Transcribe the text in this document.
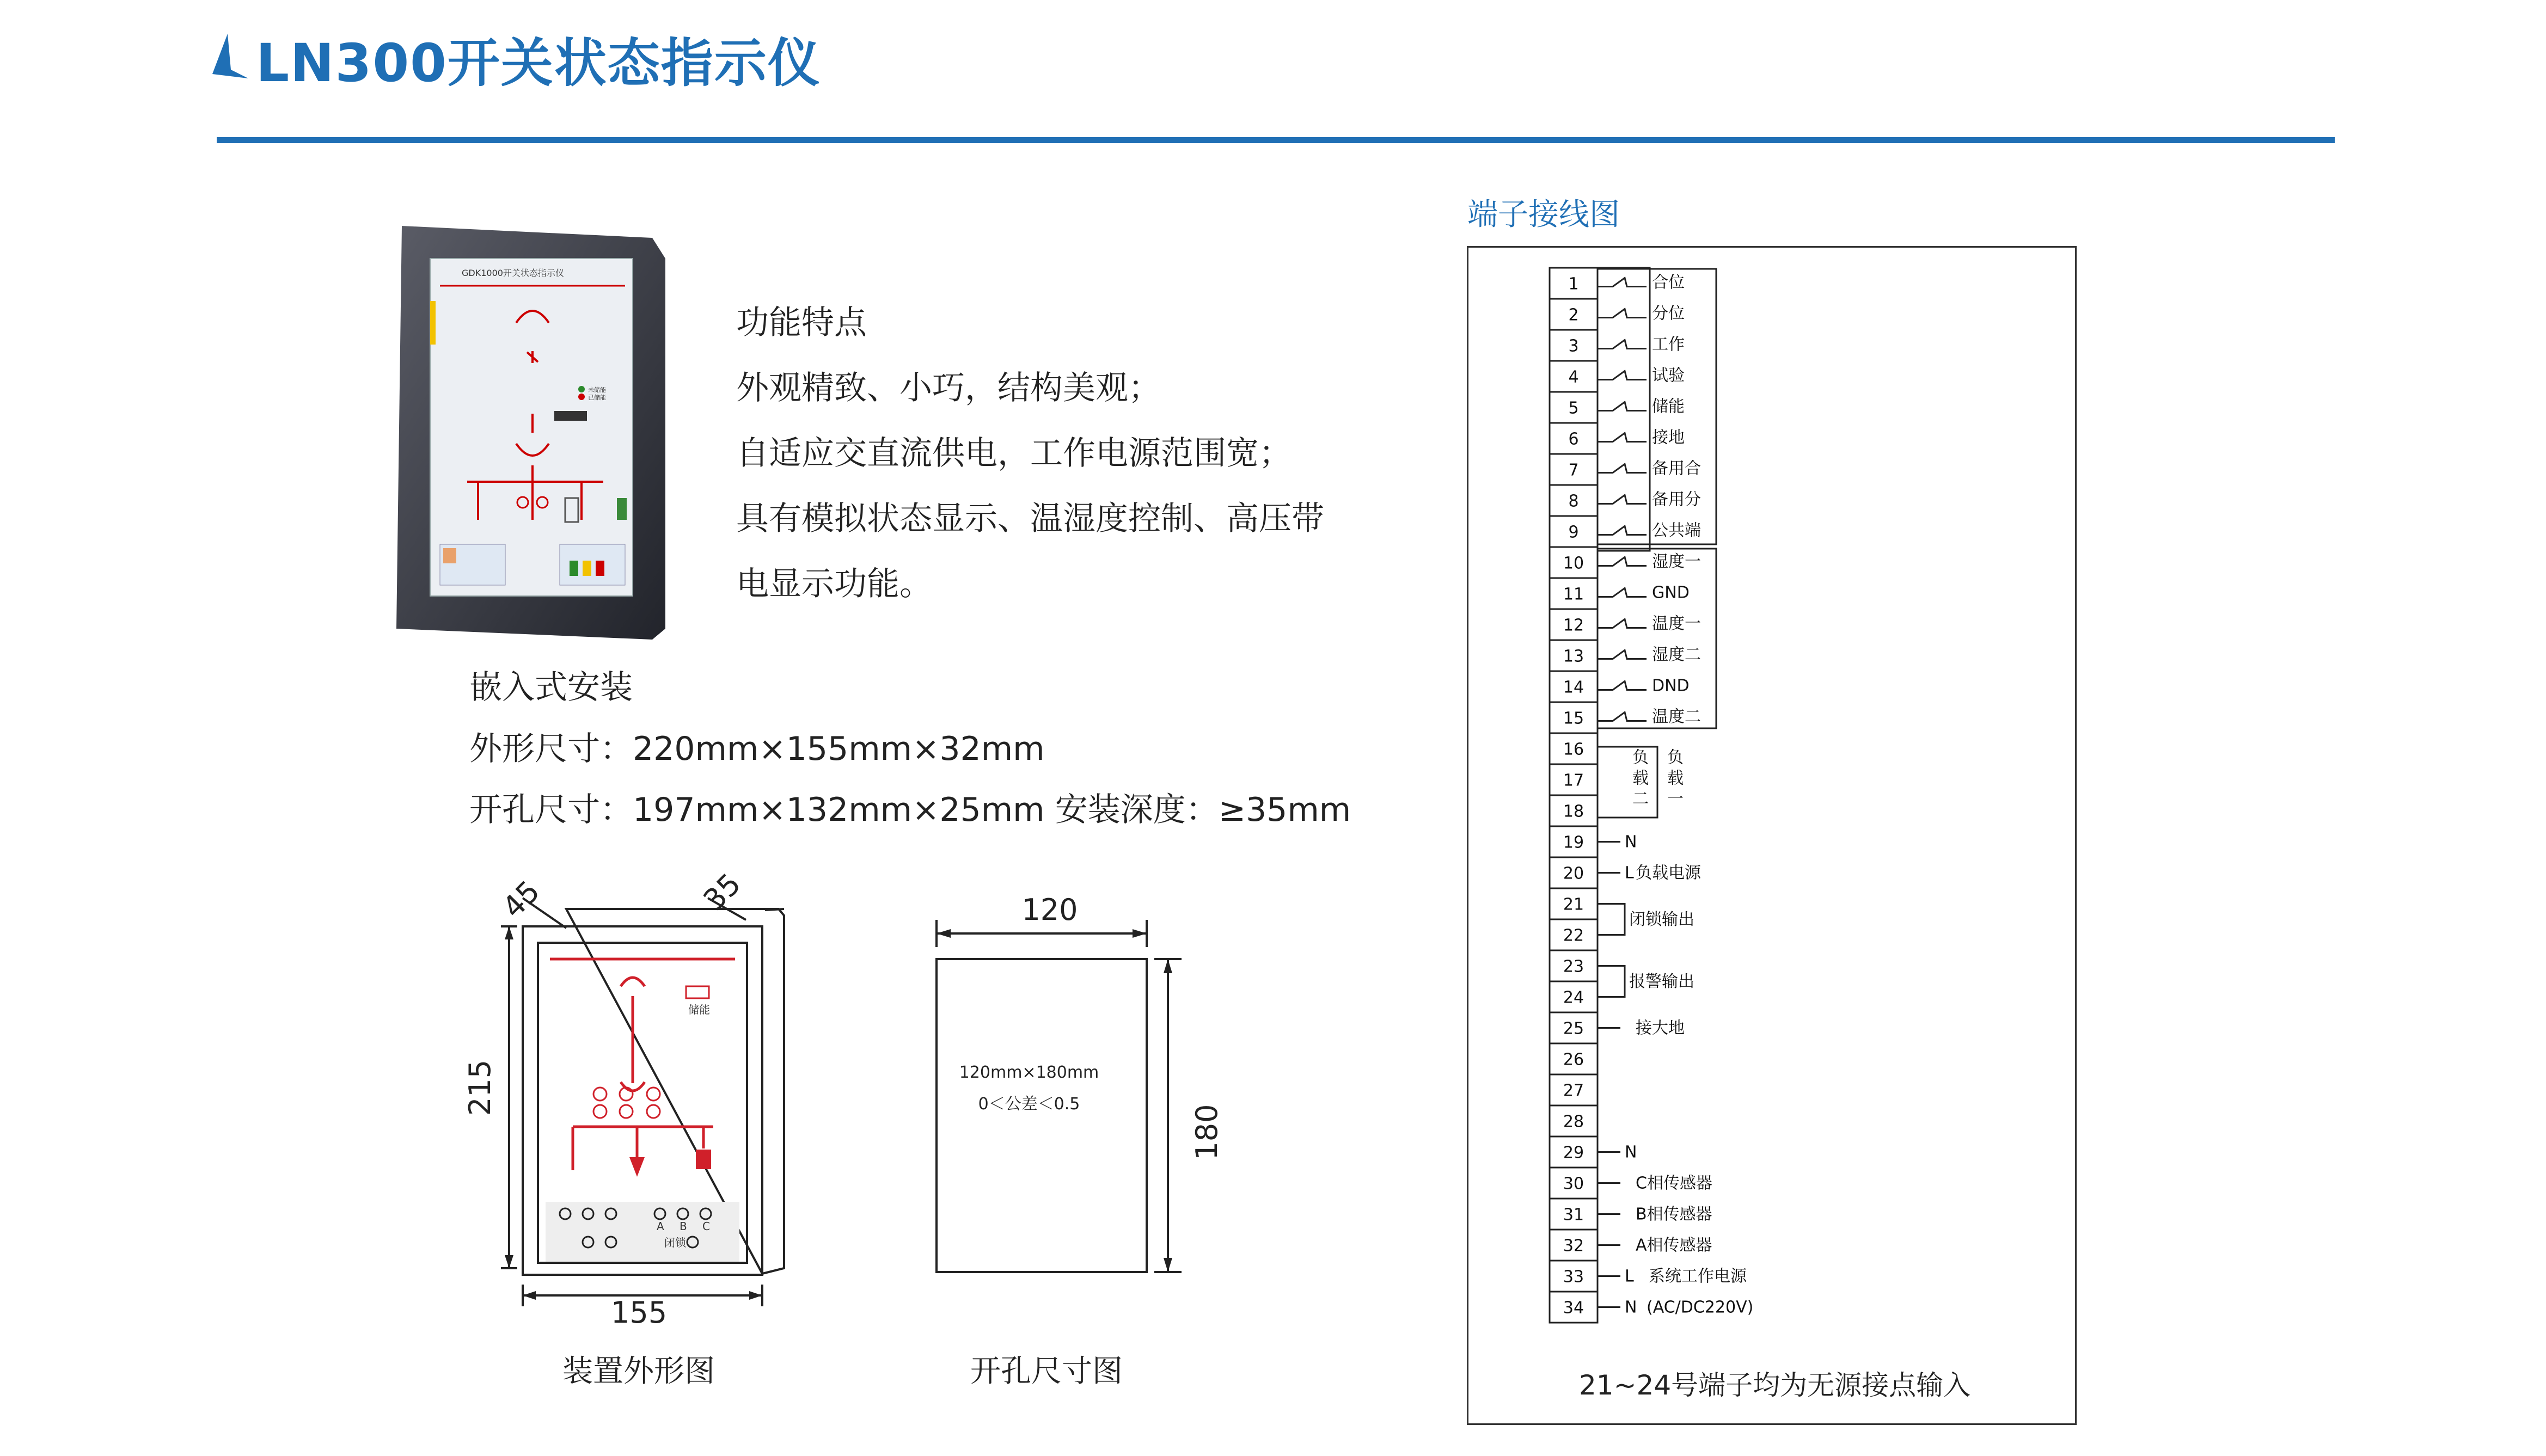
LN300开关状态指示仪
GDK1000开关状态指示仪
未储能
已储能
功能特点
外观精致、小巧，结构美观；
自适应交直流供电，工作电源范围宽；
具有模拟状态显示、温湿度控制、高压带
电显示功能。
嵌入式安装
外形尺寸：220mm×155mm×32mm
开孔尺寸：197mm×132mm×25mm 安装深度：≥35mm
215
155
45	35
储能
A B C
闭锁
装置外形图
120
180
120mm×180mm
0＜公差＜0.5
开孔尺寸图
端子接线图
1
2
3
4
5
6
7
8
9
10
11
12
13
14
15
16
17
18
19
20
21
22
23
24
25
26
27
28
29
30
31
32
33
34
合位
分位
工作
试验
储能
接地
备用合
备用分
公共端
湿度一
GND
温度一
湿度二
DND
温度二
负
载
二
负
载
一
N
L 负载电源
闭锁输出
报警输出
接大地
N
C相传感器
B相传感器
A相传感器
L 系统工作电源
N (AC/DC220V)
21~24号端子均为无源接点输入
